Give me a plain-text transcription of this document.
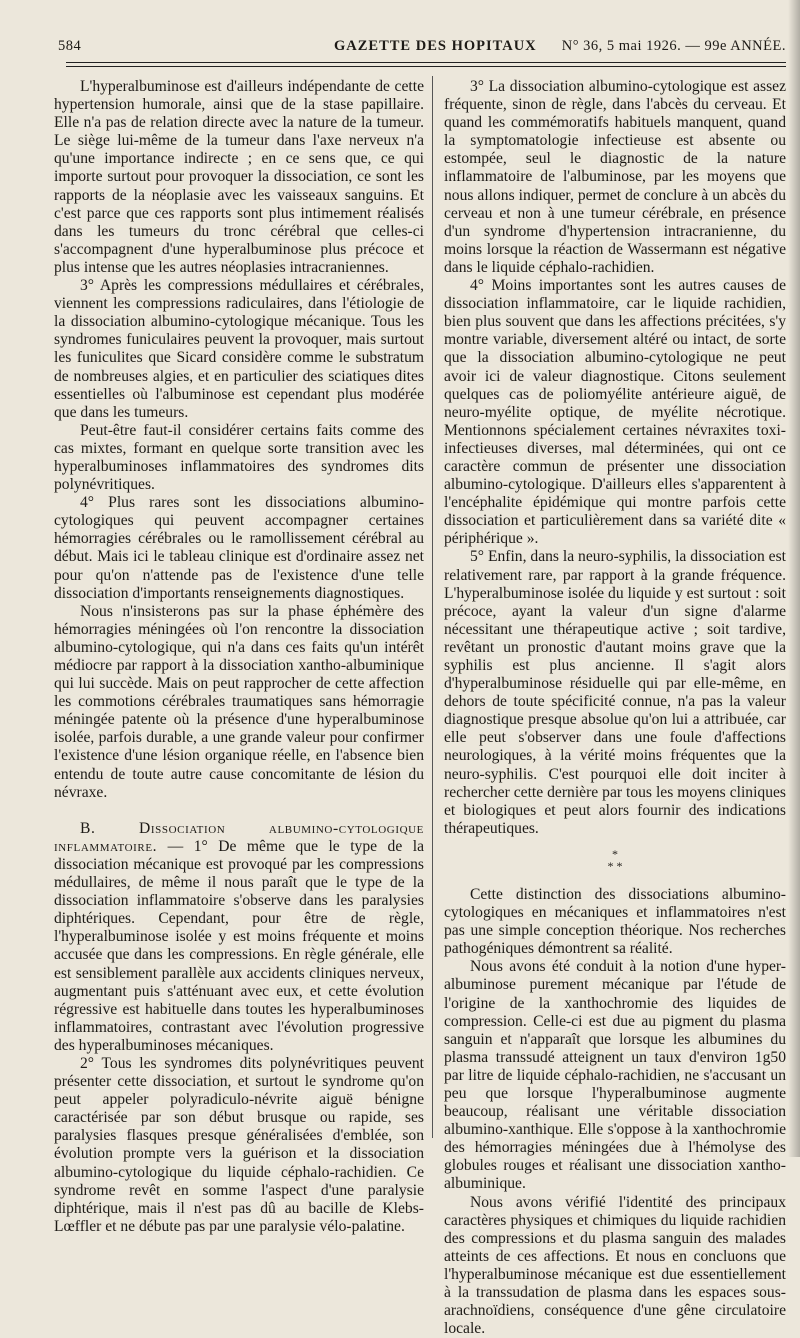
584	GAZETTE DES HOPITAUX N° 36, 5 mai 1926. — 99e ANNÉE.

L'hyperalbuminose est d'ailleurs indépendante de cette hypertension humorale, ainsi que de la stase papillaire. Elle n'a pas de relation directe avec la nature de la tumeur. Le siège lui-même de la tumeur dans l'axe nerveux n'a qu'une importance indirecte ; en ce sens que, ce qui importe surtout pour provoquer la dissociation, ce sont les rapports de la néoplasie avec les vaisseaux sanguins. Et c'est parce que ces rapports sont plus intimement réalisés dans les tumeurs du tronc cérébral que celles-ci s'accompagnent d'une hyperalbuminose plus précoce et plus intense que les autres néoplasies intracraniennes.

3° Après les compressions médullaires et cérébrales, viennent les compressions radiculaires, dans l'étiologie de la dissociation albumino-cytologique mécanique. Tous les syndromes funiculaires peuvent la provoquer, mais surtout les funiculites que Sicard considère comme le substratum de nombreuses algies, et en particulier des sciatiques dites essentielles où l'albuminose est cependant plus modérée que dans les tumeurs.

Peut-être faut-il considérer certains faits comme des cas mixtes, formant en quelque sorte transition avec les hyperalbuminoses inflammatoires des syndromes dits polynévritiques.

4° Plus rares sont les dissociations albumino-cytologiques qui peuvent accompagner certaines hémorragies cérébrales ou le ramollissement cérébral au début. Mais ici le tableau clinique est d'ordinaire assez net pour qu'on n'attende pas de l'existence d'une telle dissociation d'importants renseignements diagnostiques.

Nous n'insisterons pas sur la phase éphémère des hémorragies méningées où l'on rencontre la dissociation albumino-cytologique, qui n'a dans ces faits qu'un intérêt médiocre par rapport à la dissociation xantho-albuminique qui lui succède. Mais on peut rapprocher de cette affection les commotions cérébrales traumatiques sans hémorragie méningée patente où la présence d'une hyperalbuminose isolée, parfois durable, a une grande valeur pour confirmer l'existence d'une lésion organique réelle, en l'absence bien entendu de toute autre cause concomitante de lésion du névraxe.

B. Dissociation albumino-cytologique inflammatoire. — 1° De même que le type de la dissociation mécanique est provoqué par les compressions médullaires, de même il nous paraît que le type de la dissociation inflammatoire s'observe dans les paralysies diphtériques. Cependant, pour être de règle, l'hyperalbuminose isolée y est moins fréquente et moins accusée que dans les compressions. En règle générale, elle est sensiblement parallèle aux accidents cliniques nerveux, augmentant puis s'atténuant avec eux, et cette évolution régressive est habituelle dans toutes les hyperalbuminoses inflammatoires, contrastant avec l'évolution progressive des hyperalbuminoses mécaniques.

2° Tous les syndromes dits polynévritiques peuvent présenter cette dissociation, et surtout le syndrome qu'on peut appeler polyradiculo-névrite aiguë bénigne caractérisée par son début brusque ou rapide, ses paralysies flasques presque généralisées d'emblée, son évolution prompte vers la guérison et la dissociation albumino-cytologique du liquide céphalo-rachidien. Ce syndrome revêt en somme l'aspect d'une paralysie diphtérique, mais il n'est pas dû au bacille de Klebs-Lœffler et ne débute pas par une paralysie vélo-palatine.

3° La dissociation albumino-cytologique est assez fréquente, sinon de règle, dans l'abcès du cerveau. Et quand les commémoratifs habituels manquent, quand la symptomatologie infectieuse est absente ou estompée, seul le diagnostic de la nature inflammatoire de l'albuminose, par les moyens que nous allons indiquer, permet de conclure à un abcès du cerveau et non à une tumeur cérébrale, en présence d'un syndrome d'hypertension intracranienne, du moins lorsque la réaction de Wassermann est négative dans le liquide céphalo-rachidien.

4° Moins importantes sont les autres causes de dissociation inflammatoire, car le liquide rachidien, bien plus souvent que dans les affections précitées, s'y montre variable, diversement altéré ou intact, de sorte que la dissociation albumino-cytologique ne peut avoir ici de valeur diagnostique. Citons seulement quelques cas de poliomyélite antérieure aiguë, de neuro-myélite optique, de myélite nécrotique. Mentionnons spécialement certaines névraxites toxi-infectieuses diverses, mal déterminées, qui ont ce caractère commun de présenter une dissociation albumino-cytologique. D'ailleurs elles s'apparentent à l'encéphalite épidémique qui montre parfois cette dissociation et particulièrement dans sa variété dite « périphérique ».

5° Enfin, dans la neuro-syphilis, la dissociation est relativement rare, par rapport à la grande fréquence. L'hyperalbuminose isolée du liquide y est surtout : soit précoce, ayant la valeur d'un signe d'alarme nécessitant une thérapeutique active ; soit tardive, revêtant un pronostic d'autant moins grave que la syphilis est plus ancienne. Il s'agit alors d'hyperalbuminose résiduelle qui par elle-même, en dehors de toute spécificité connue, n'a pas la valeur diagnostique presque absolue qu'on lui a attribuée, car elle peut s'observer dans une foule d'affections neurologiques, à la vérité moins fréquentes que la neuro-syphilis. C'est pourquoi elle doit inciter à rechercher cette dernière par tous les moyens cliniques et biologiques et peut alors fournir des indications thérapeutiques.

*
* *

Cette distinction des dissociations albumino-cytologiques en mécaniques et inflammatoires n'est pas une simple conception théorique. Nos recherches pathogéniques démontrent sa réalité.

Nous avons été conduit à la notion d'une hyper-albuminose purement mécanique par l'étude de l'origine de la xanthochromie des liquides de compression. Celle-ci est due au pigment du plasma sanguin et n'apparaît que lorsque les albumines du plasma transsudé atteignent un taux d'environ 1g50 par litre de liquide céphalo-rachidien, ne s'accusant un peu que lorsque l'hyperalbuminose augmente beaucoup, réalisant une véritable dissociation albumino-xanthique. Elle s'oppose à la xanthochromie des hémorragies méningées due à l'hémolyse des globules rouges et réalisant une dissociation xantho-albuminique.

Nous avons vérifié l'identité des principaux caractères physiques et chimiques du liquide rachidien des compressions et du plasma sanguin des malades atteints de ces affections. Et nous en concluons que l'hyperalbuminose mécanique est due essentiellement à la transsudation de plasma dans les espaces sous-arachnoïdiens, conséquence d'une gêne circulatoire locale.
